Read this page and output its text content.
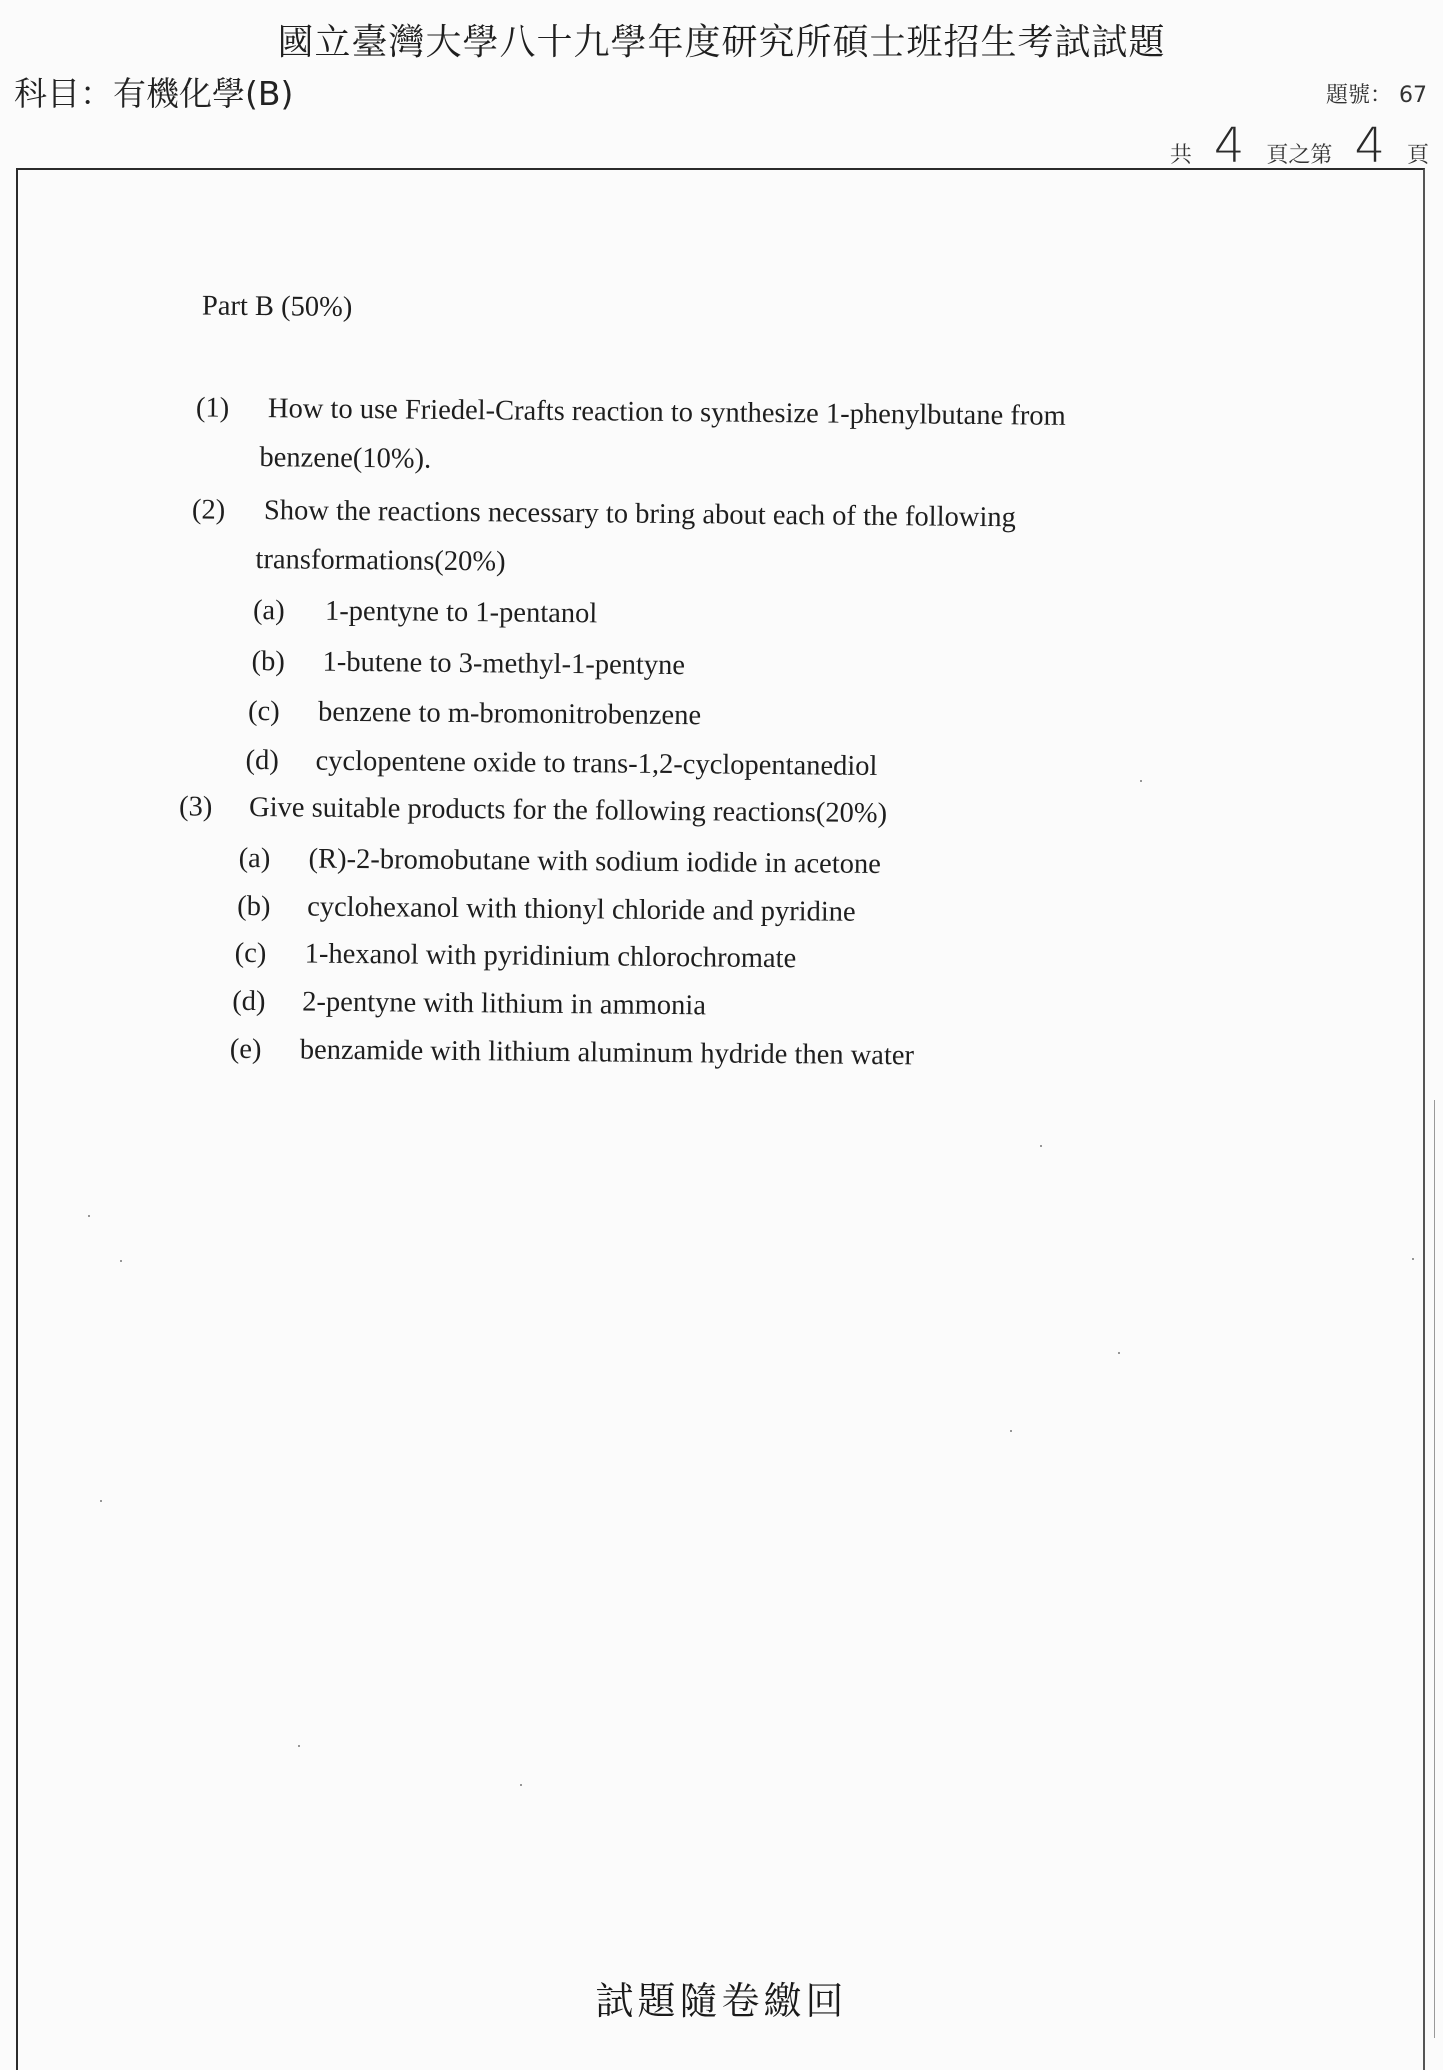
國立臺灣大學八十九學年度研究所碩士班招生考試試題
科目：有機化學(B)	題號： 67
共 4 頁之第 4 頁
Part B (50%)
(1) How to use Friedel-Crafts reaction to synthesize 1-phenylbutane from
benzene(10%).
(2) Show the reactions necessary to bring about each of the following
transformations(20%)
(a) 1-pentyne to 1-pentanol
(b) 1-butene to 3-methyl-1-pentyne
(c) benzene to m-bromonitrobenzene
(d) cyclopentene oxide to trans-1,2-cyclopentanediol
(3) Give suitable products for the following reactions(20%)
(a) (R)-2-bromobutane with sodium iodide in acetone
(b) cyclohexanol with thionyl chloride and pyridine
(c) 1-hexanol with pyridinium chlorochromate
(d) 2-pentyne with lithium in ammonia
(e) benzamide with lithium aluminum hydride then water
試題隨卷繳回
